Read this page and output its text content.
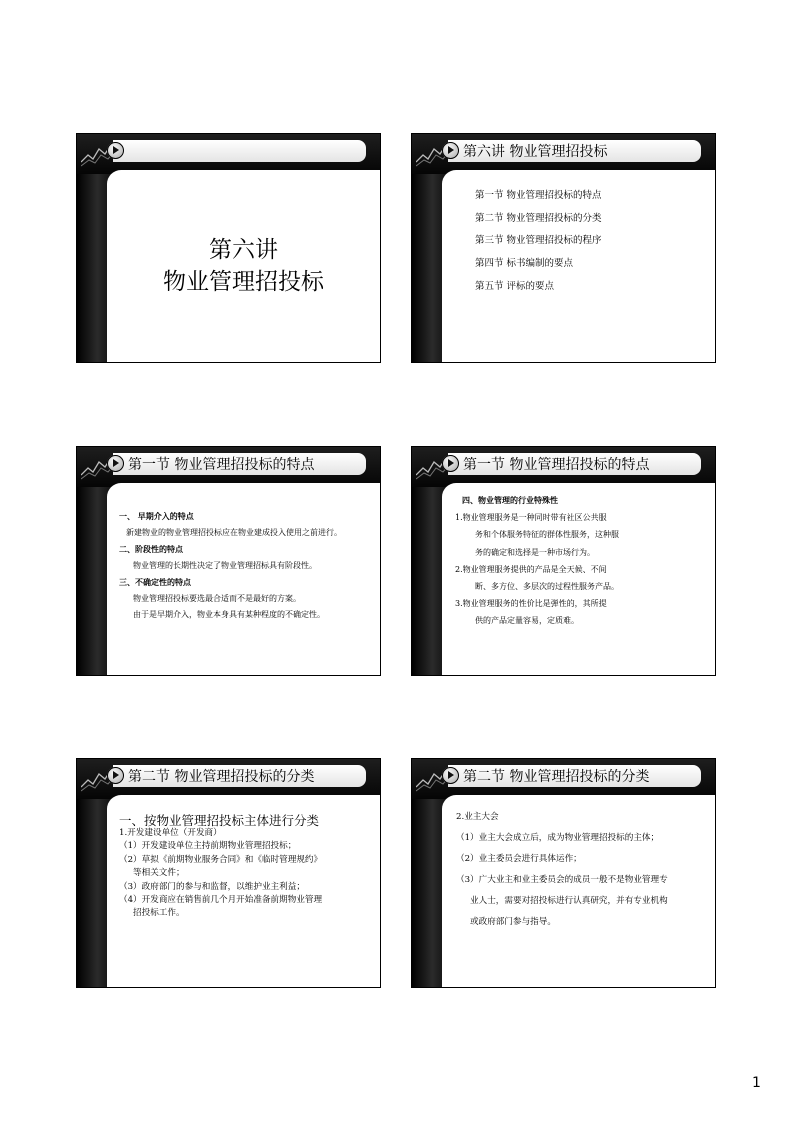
第六讲
物业管理招投标
第六讲 物业管理招投标
第一节 物业管理招投标的特点
第二节 物业管理招投标的分类
第三节 物业管理招投标的程序
第四节 标书编制的要点
第五节 评标的要点
第一节 物业管理招投标的特点
一、 早期介入的特点
新建物业的物业管理招投标应在物业建成投入使用之前进行。
二、阶段性的特点
物业管理的长期性决定了物业管理招标具有阶段性。
三、不确定性的特点
物业管理招投标要选最合适而不是最好的方案。
由于是早期介入，物业本身具有某种程度的不确定性。
第一节 物业管理招投标的特点
四、物业管理的行业特殊性
1.物业管理服务是一种同时带有社区公共服
务和个体服务特征的群体性服务，这种服
务的确定和选择是一种市场行为。
2.物业管理服务提供的产品是全天候、不间
断、多方位、多层次的过程性服务产品。
3.物业管理服务的性价比是弹性的，其所提
供的产品定量容易，定质难。
第二节 物业管理招投标的分类
一、按物业管理招投标主体进行分类
1.开发建设单位（开发商）
（1）开发建设单位主持前期物业管理招投标；
（2）草拟《前期物业服务合同》和《临时管理规约》
等相关文件；
（3）政府部门的参与和监督，以维护业主利益；
（4）开发商应在销售前几个月开始准备前期物业管理
招投标工作。
第二节 物业管理招投标的分类
2.业主大会
（1）业主大会成立后，成为物业管理招投标的主体；
（2）业主委员会进行具体运作；
（3）广大业主和业主委员会的成员一般不是物业管理专
业人士，需要对招投标进行认真研究，并有专业机构
或政府部门参与指导。
1
